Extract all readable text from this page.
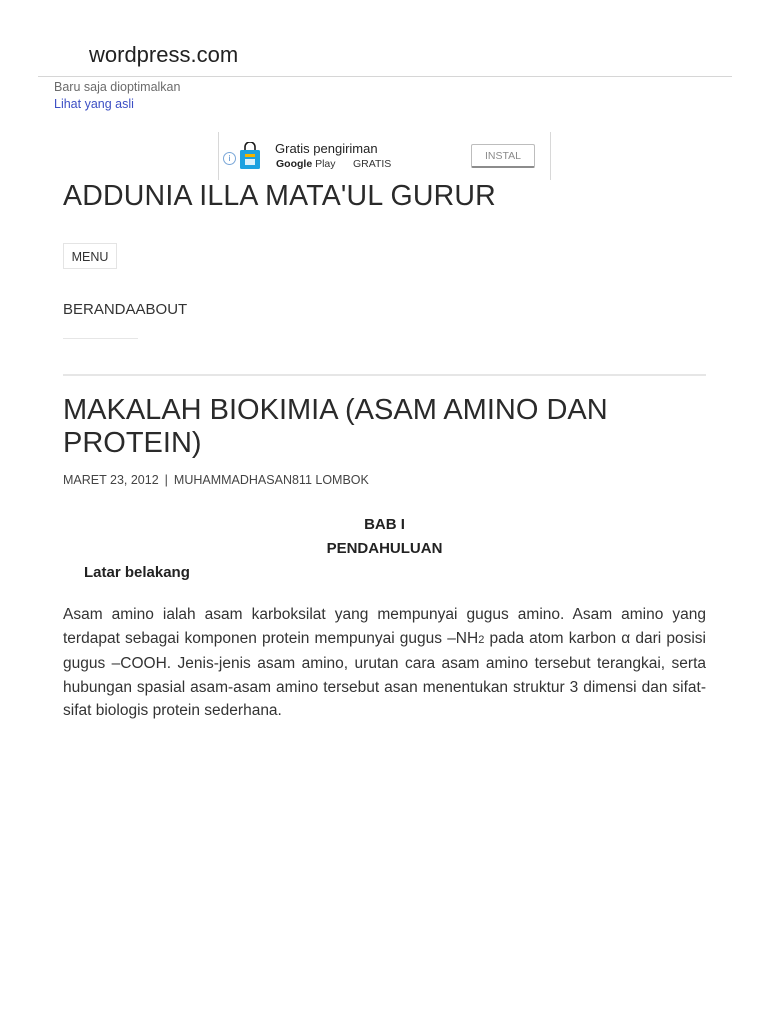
wordpress.com
Baru saja dioptimalkan
Lihat yang asli
i
Gratis pengiriman
Google Play GRATIS
INSTAL
ADDUNIA ILLA MATA'UL GURUR
MENU
BERANDAABOUT
MAKALAH BIOKIMIA (ASAM AMINO DAN PROTEIN)
MARET 23, 2012 | MUHAMMADHASAN811 LOMBOK
BAB I
PENDAHULUAN
Latar belakang

Asam amino ialah asam karboksilat yang mempunyai gugus amino. Asam amino yang terdapat sebagai komponen protein mempunyai gugus –NH2 pada atom karbon α dari posisi gugus –COOH. Jenis-jenis asam amino, urutan cara asam amino tersebut terangkai, serta hubungan spasial asam-asam amino tersebut asan menentukan struktur 3 dimensi dan sifat-sifat biologis protein sederhana.
